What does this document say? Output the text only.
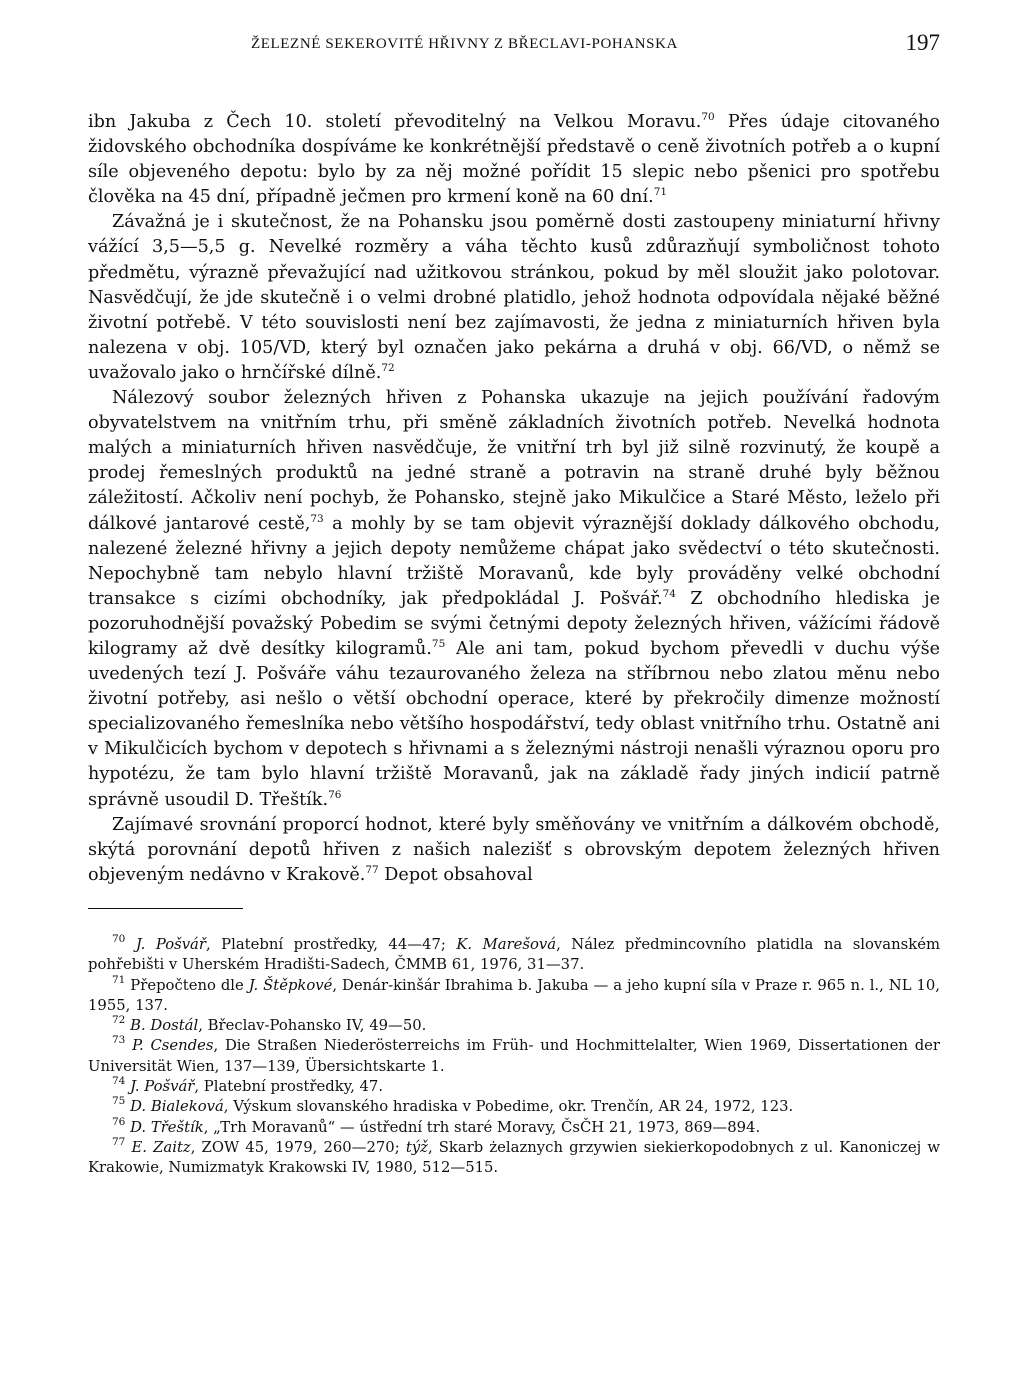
ŽELEZNÉ SEKEROVITÉ HŘIVNY Z BŘECLAVI-POHANSKA	197

ibn Jakuba z Čech 10. století převoditelný na Velkou Moravu.$^{70}$ Přes údaje citovaného židovského obchodníka dospíváme ke konkrétnější představě o ceně životních potřeb a o kupní síle objeveného depotu: bylo by za něj možné pořídit 15 slepic nebo pšenici pro spotřebu člověka na 45 dní, případně ječmen pro krmení koně na 60 dní.$^{71}$

Závažná je i skutečnost, že na Pohansku jsou poměrně dosti zastoupeny miniaturní hřivny vážící 3,5—5,5 g. Nevelké rozměry a váha těchto kusů zdůrazňují symboličnost tohoto předmětu, výrazně převažující nad užitkovou stránkou, pokud by měl sloužit jako polotovar. Nasvědčují, že jde skutečně i o velmi drobné platidlo, jehož hodnota odpovídala nějaké běžné životní potřebě. V této souvislosti není bez zajímavosti, že jedna z miniaturních hřiven byla nalezena v obj. 105/VD, který byl označen jako pekárna a druhá v obj. 66/VD, o němž se uvažovalo jako o hrnčířské dílně.$^{72}$

Nálezový soubor železných hřiven z Pohanska ukazuje na jejich používání řadovým obyvatelstvem na vnitřním trhu, při směně základních životních potřeb. Nevelká hodnota malých a miniaturních hřiven nasvědčuje, že vnitřní trh byl již silně rozvinutý, že koupě a prodej řemeslných produktů na jedné straně a potravin na straně druhé byly běžnou záležitostí. Ačkoliv není pochyb, že Pohansko, stejně jako Mikulčice a Staré Město, leželo při dálkové jantarové cestě,$^{73}$ a mohly by se tam objevit výraznější doklady dálkového obchodu, nalezené železné hřivny a jejich depoty nemůžeme chápat jako svědectví o této skutečnosti. Nepochybně tam nebylo hlavní tržiště Moravanů, kde byly prováděny velké obchodní transakce s cizími obchodníky, jak předpokládal J. Pošvář.$^{74}$ Z obchodního hlediska je pozoruhodnější považský Pobedim se svými četnými depoty železných hřiven, vážícími řádově kilogramy až dvě desítky kilogramů.$^{75}$ Ale ani tam, pokud bychom převedli v duchu výše uvedených tezí J. Pošváře váhu tezaurovaného železa na stříbrnou nebo zlatou měnu nebo životní potřeby, asi nešlo o větší obchodní operace, které by překročily dimenze možností specializovaného řemeslníka nebo většího hospodářství, tedy oblast vnitřního trhu. Ostatně ani v Mikulčicích bychom v depotech s hřivnami a s železnými nástroji nenašli výraznou oporu pro hypotézu, že tam bylo hlavní tržiště Moravanů, jak na základě řady jiných indicií patrně správně usoudil D. Třeštík.$^{76}$

Zajímavé srovnání proporcí hodnot, které byly směňovány ve vnitřním a dálkovém obchodě, skýtá porovnání depotů hřiven z našich nalezišť s obrovským depotem železných hřiven objeveným nedávno v Krakově.$^{77}$ Depot obsahoval

$^{70}$ J. Pošvář, Platební prostředky, 44—47; K. Marešová, Nález předmincovního platidla na slovanském pohřebišti v Uherském Hradišti-Sadech, ČMMB 61, 1976, 31—37.

$^{71}$ Přepočteno dle J. Štěpkové, Denár-kinšár Ibrahima b. Jakuba — a jeho kupní síla v Praze r. 965 n. l., NL 10, 1955, 137.

$^{72}$ B. Dostál, Břeclav-Pohansko IV, 49—50.

$^{73}$ P. Csendes, Die Straßen Niederösterreichs im Früh- und Hochmittelalter, Wien 1969, Dissertationen der Universität Wien, 137—139, Übersichtskarte 1.

$^{74}$ J. Pošvář, Platební prostředky, 47.

$^{75}$ D. Bialeková, Výskum slovanského hradiska v Pobedime, okr. Trenčín, AR 24, 1972, 123.

$^{76}$ D. Třeštík, „Trh Moravanů“ — ústřední trh staré Moravy, ČsČH 21, 1973, 869—894.

$^{77}$ E. Zaitz, ZOW 45, 1979, 260—270; týž, Skarb żelaznych grzywien siekierkopodobnych z ul. Kanoniczej w Krakowie, Numizmatyk Krakowski IV, 1980, 512—515.
